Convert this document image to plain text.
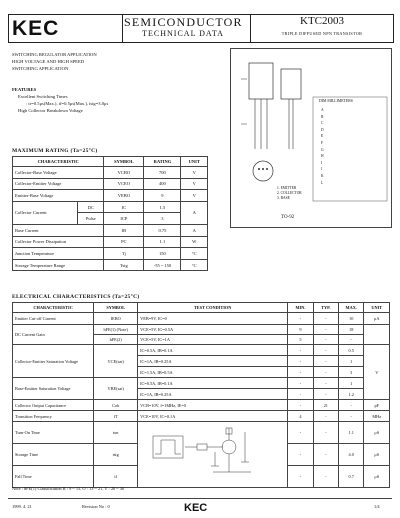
KEC	SEMICONDUCTOR
TECHNICAL DATA
KTC2003
TRIPLE DIFFUSED NPN TRANSISTOR
SWITCHING REGULATOR APPLICATION
HIGH VOLTAGE AND HIGH SPEED
SWITCHING APPLICATION
FEATURES
Excellent Switching Times
: tr=0.5μs(Max.), tf=0.5μs(Max.), tstg=3.0μs
High Collector Breakdown Voltage
DIM MILLIMETERS
A
B
C
D
E
F
G
H
I
J
K
L
1. EMITTER
2. COLLECTOR
3. BASE
TO-92
MAXIMUM RATING (Ta=25°C)
CHARACTERISTIC		SYMBOL	RATING	UNIT
Collector-Base Voltage		VCBO	700	V
Collector-Emitter Voltage		VCEO	400	V
Emitter-Base Voltage		VEBO	9	V
Collector Current	DC	IC	1.5	A
	Pulse	ICP	3	
Base Current		IB	0.75	A
Collector Power Dissipation		PC	1.1	W
Junction Temperature		Tj	150	°C
Storage Temperature Range		Tstg	-55 ~ 150	°C
ELECTRICAL CHARACTERISTICS (Ta=25°C)
CHARACTERISTIC	SYMBOL	TEST CONDITION	MIN.	TYP.	MAX.	UNIT
Emitter Cut-off Current	IEBO	VEB=9V, IC=0	-	-	10	μA
DC Current Gain	hFE(1) (Note)	VCE=5V, IC=0.5A	9	-	18	
	hFE(2)	VCE=5V, IC=1A	5	-	-	
Collector-Emitter Saturation Voltage	VCE(sat)	IC=0.5A, IB=0.1A	-	-	0.5	V
		IC=1A, IB=0.25A	-	-	1	
		IC=1.5A, IB=0.5A	-	-	3	
Base-Emitter Saturation Voltage	VBE(sat)	IC=0.5A, IB=0.1A	-	-	1	
		IC=1A, IB=0.25A	-	-	1.2	
Collector Output Capacitance	Cob	VCB=10V, f=1MHz, IE=0	-	21	-	pF
Transition Frequency	fT	VCE=10V, IC=0.1A	4	-	-	MHz
Turn-On Time	ton		-	-	1.1	μS
Storage Time	tstg		-	-	4.0	μS
Fall Time	tf		-	-	0.7	μS
Note : hFE(1) Classification R : 9 ~ 15, O : 13 ~ 21, Y : 20 ~ 30
1999. 4. 21	Revision No : 0	KEC	1/4
